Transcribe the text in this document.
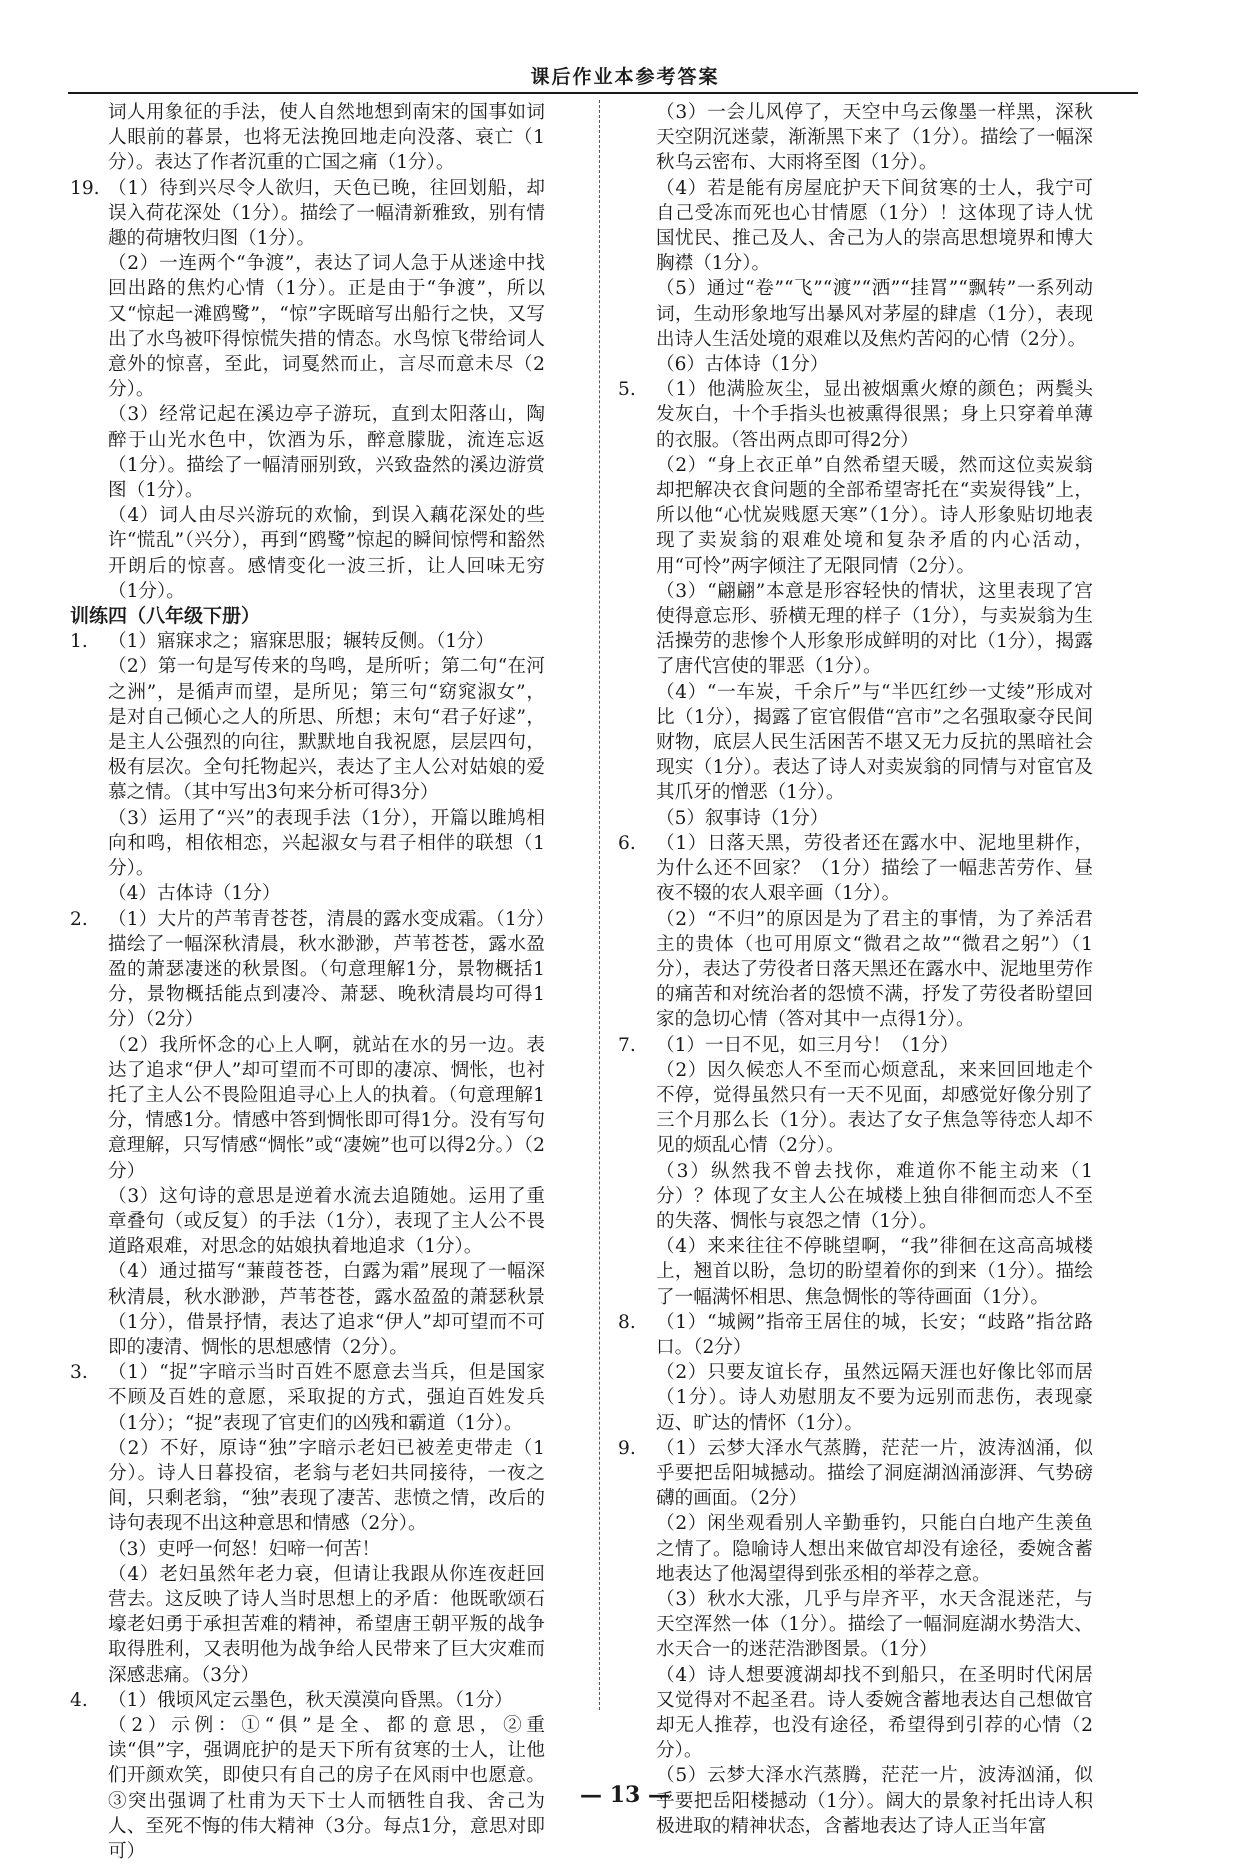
课后作业本参考答案

词人用象征的手法，使人自然地想到南宋的国事如词人眼前的暮景，也将无法挽回地走向没落、衰亡（1分）。表达了作者沉重的亡国之痛（1分）。

19. （1）待到兴尽令人欲归，天色已晚，往回划船，却误入荷花深处（1分）。描绘了一幅清新雅致，别有情趣的荷塘牧归图（1分）。

（2）一连两个“争渡”，表达了词人急于从迷途中找回出路的焦灼心情（1分）。正是由于“争渡”，所以又“惊起一滩鸥鹭”，“惊”字既暗写出船行之快，又写出了水鸟被吓得惊慌失措的情态。水鸟惊飞带给词人意外的惊喜，至此，词戛然而止，言尽而意未尽（2分）。

（3）经常记起在溪边亭子游玩，直到太阳落山，陶醉于山光水色中，饮酒为乐，醉意朦胧，流连忘返（1分）。描绘了一幅清丽别致，兴致盎然的溪边游赏图（1分）。

（4）词人由尽兴游玩的欢愉，到误入藕花深处的些许“慌乱”（兴分），再到“鸥鹭”惊起的瞬间惊愕和豁然开朗后的惊喜。感情变化一波三折，让人回味无穷（1分）。

训练四（八年级下册）

1.	（1）寤寐求之；寤寐思服；辗转反侧。（1分）

（2）第一句是写传来的鸟鸣，是所听；第二句“在河之洲”，是循声而望，是所见；第三句“窈窕淑女”，是对自己倾心之人的所思、所想；末句“君子好逑”，是主人公强烈的向往，默默地自我祝愿，层层四句，极有层次。全句托物起兴，表达了主人公对姑娘的爱慕之情。（其中写出3句来分析可得3分）

（3）运用了“兴”的表现手法（1分），开篇以雎鸠相向和鸣，相依相恋，兴起淑女与君子相伴的联想（1分）。

（4）古体诗（1分）

2.	（1）大片的芦苇青苍苍，清晨的露水变成霜。（1分）描绘了一幅深秋清晨，秋水渺渺，芦苇苍苍，露水盈盈的萧瑟凄迷的秋景图。（句意理解1分，景物概括1分，景物概括能点到凄冷、萧瑟、晚秋清晨均可得1分）（2分）

（2）我所怀念的心上人啊，就站在水的另一边。表达了追求“伊人”却可望而不可即的凄凉、惆怅，也衬托了主人公不畏险阻追寻心上人的执着。（句意理解1分，情感1分。情感中答到惆怅即可得1分。没有写句意理解，只写情感“惆怅”或“凄婉”也可以得2分。）（2分）

（3）这句诗的意思是逆着水流去追随她。运用了重章叠句（或反复）的手法（1分），表现了主人公不畏道路艰难，对思念的姑娘执着地追求（1分）。

（4）通过描写“蒹葭苍苍，白露为霜”展现了一幅深秋清晨，秋水渺渺，芦苇苍苍，露水盈盈的萧瑟秋景（1分），借景抒情，表达了追求“伊人”却可望而不可即的凄清、惆怅的思想感情（2分）。

3.	（1）“捉”字暗示当时百姓不愿意去当兵，但是国家不顾及百姓的意愿，采取捉的方式，强迫百姓发兵（1分）；“捉”表现了官吏们的凶残和霸道（1分）。

（2）不好，原诗“独”字暗示老妇已被差吏带走（1分）。诗人日暮投宿，老翁与老妇共同接待，一夜之间，只剩老翁，“独”表现了凄苦、悲愤之情，改后的诗句表现不出这种意思和情感（2分）。

（3）吏呼一何怒！妇啼一何苦！

（4）老妇虽然年老力衰，但请让我跟从你连夜赶回营去。这反映了诗人当时思想上的矛盾：他既歌颂石壕老妇勇于承担苦难的精神，希望唐王朝平叛的战争取得胜利，又表明他为战争给人民带来了巨大灾难而深感悲痛。（3分）

4.	（1）俄顷风定云墨色，秋天漠漠向昏黑。（1分）

（2）示例：①“俱”是全、都的意思，②重读“俱”字，强调庇护的是天下所有贫寒的士人，让他们开颜欢笑，即使只有自己的房子在风雨中也愿意。③突出强调了杜甫为天下士人而牺牲自我、舍己为人、至死不悔的伟大精神（3分。每点1分，意思对即可）

（3）一会儿风停了，天空中乌云像墨一样黑，深秋天空阴沉迷蒙，渐渐黑下来了（1分）。描绘了一幅深秋乌云密布、大雨将至图（1分）。

（4）若是能有房屋庇护天下间贫寒的士人，我宁可自己受冻而死也心甘情愿（1分）！这体现了诗人忧国忧民、推己及人、舍己为人的崇高思想境界和博大胸襟（1分）。

（5）通过“卷”“飞”“渡”“洒”“挂罥”“飘转”一系列动词，生动形象地写出暴风对茅屋的肆虐（1分），表现出诗人生活处境的艰难以及焦灼苦闷的心情（2分）。

（6）古体诗（1分）

5.	（1）他满脸灰尘，显出被烟熏火燎的颜色；两鬓头发灰白，十个手指头也被熏得很黑；身上只穿着单薄的衣服。（答出两点即可得2分）

（2）“身上衣正单”自然希望天暖，然而这位卖炭翁却把解决衣食问题的全部希望寄托在“卖炭得钱”上，所以他“心忧炭贱愿天寒”（1分）。诗人形象贴切地表现了卖炭翁的艰难处境和复杂矛盾的内心活动，用“可怜”两字倾注了无限同情（2分）。

（3）“翩翩”本意是形容轻快的情状，这里表现了宫使得意忘形、骄横无理的样子（1分），与卖炭翁为生活操劳的悲惨个人形象形成鲜明的对比（1分），揭露了唐代宫使的罪恶（1分）。

（4）“一车炭，千余斤”与“半匹红纱一丈绫”形成对比（1分），揭露了宦官假借“宫市”之名强取豪夺民间财物，底层人民生活困苦不堪又无力反抗的黑暗社会现实（1分）。表达了诗人对卖炭翁的同情与对宦官及其爪牙的憎恶（1分）。

（5）叙事诗（1分）

6.	（1）日落天黑，劳役者还在露水中、泥地里耕作，为什么还不回家？（1分）描绘了一幅悲苦劳作、昼夜不辍的农人艰辛画（1分）。

（2）“不归”的原因是为了君主的事情，为了养活君主的贵体（也可用原文“微君之故”“微君之躬”）（1分），表达了劳役者日落天黑还在露水中、泥地里劳作的痛苦和对统治者的怨愤不满，抒发了劳役者盼望回家的急切心情（答对其中一点得1分）。

7.	（1）一日不见，如三月兮！（1分）

（2）因久候恋人不至而心烦意乱，来来回回地走个不停，觉得虽然只有一天不见面，却感觉好像分别了三个月那么长（1分）。表达了女子焦急等待恋人却不见的烦乱心情（2分）。

（3）纵然我不曾去找你，难道你不能主动来（1分）？体现了女主人公在城楼上独自徘徊而恋人不至的失落、惆怅与哀怨之情（1分）。

（4）来来往往不停眺望啊，“我”徘徊在这高高城楼上，翘首以盼，急切的盼望着你的到来（1分）。描绘了一幅满怀相思、焦急惆怅的等待画面（1分）。

8.	（1）“城阙”指帝王居住的城，长安；“歧路”指岔路口。（2分）

（2）只要友谊长存，虽然远隔天涯也好像比邻而居（1分）。诗人劝慰朋友不要为远别而悲伤，表现豪迈、旷达的情怀（1分）。

9.	（1）云梦大泽水气蒸腾，茫茫一片，波涛汹涌，似乎要把岳阳城撼动。描绘了洞庭湖汹涌澎湃、气势磅礴的画面。（2分）

（2）闲坐观看别人辛勤垂钓，只能白白地产生羡鱼之情了。隐喻诗人想出来做官却没有途径，委婉含蓄地表达了他渴望得到张丞相的举荐之意。

（3）秋水大涨，几乎与岸齐平，水天含混迷茫，与天空浑然一体（1分）。描绘了一幅洞庭湖水势浩大、水天合一的迷茫浩渺图景。（1分）

（4）诗人想要渡湖却找不到船只，在圣明时代闲居又觉得对不起圣君。诗人委婉含蓄地表达自己想做官却无人推荐，也没有途径，希望得到引荐的心情（2分）。

（5）云梦大泽水汽蒸腾，茫茫一片，波涛汹涌，似乎要把岳阳楼撼动（1分）。阔大的景象衬托出诗人积极进取的精神状态，含蓄地表达了诗人正当年富

— 13 —
